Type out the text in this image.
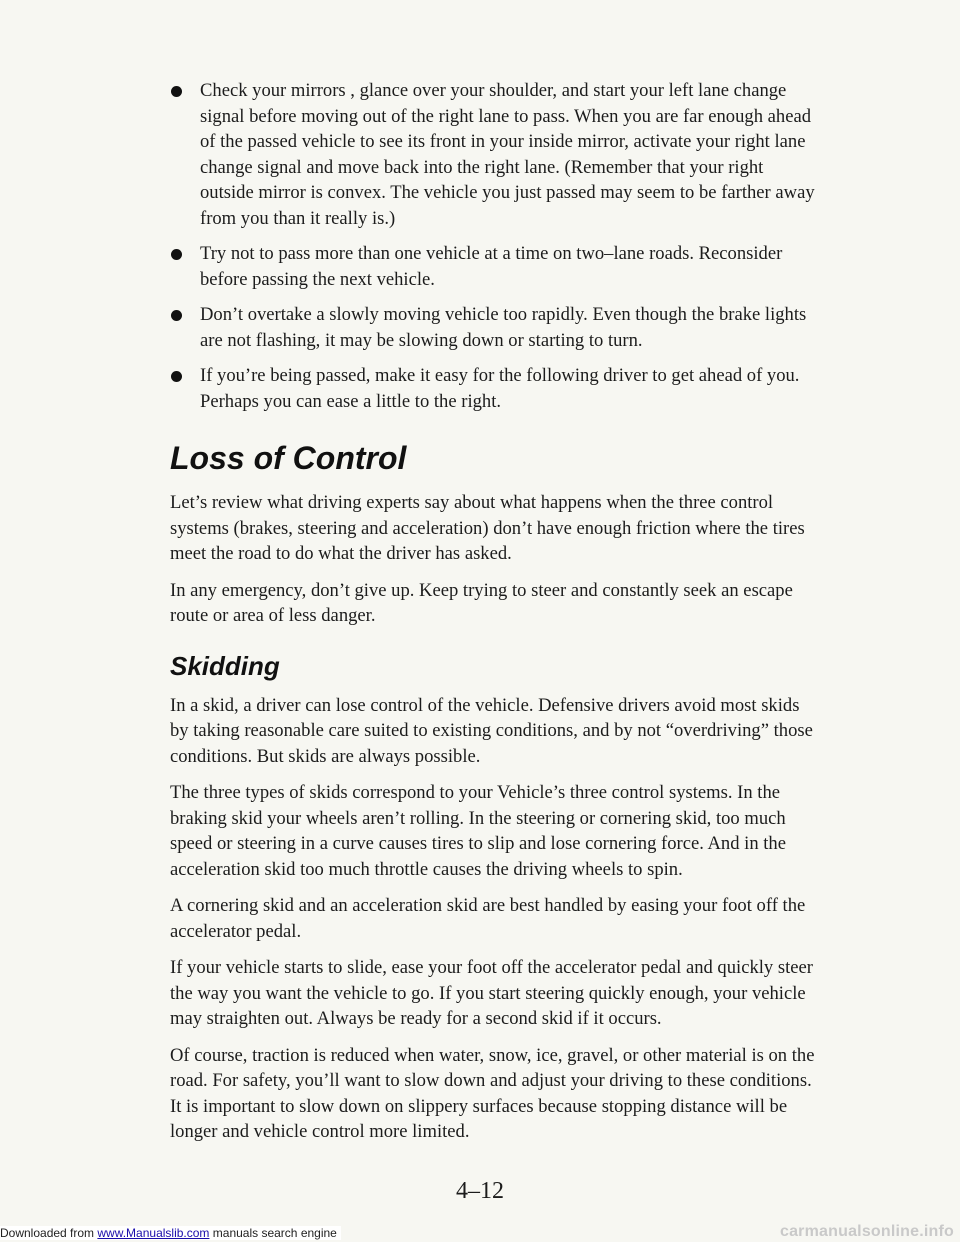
Check your mirrors , glance over your shoulder, and start your left lane change signal before moving out of the right lane to pass. When you are far enough ahead of the passed vehicle to see its front in your inside mirror, activate your right lane change signal and move back into the right lane. (Remember that your right outside mirror is convex. The vehicle you just passed may seem to be farther away from you than it really is.)
Try not to pass more than one vehicle at a time on two–lane roads. Reconsider before passing the next vehicle.
Don’t overtake a slowly moving vehicle too rapidly. Even though the brake lights are not flashing, it may be slowing down or starting to turn.
If you’re being passed, make it easy for the following driver to get ahead of you. Perhaps you can ease a little to the right.
Loss of Control

Let’s review what driving experts say about what happens when the three control systems (brakes, steering and acceleration) don’t have enough friction where the tires meet the road to do what the driver has asked.

In any emergency, don’t give up. Keep trying to steer and constantly seek an escape route or area of less danger.

Skidding

In a skid, a driver can lose control of the vehicle. Defensive drivers avoid most skids by taking reasonable care suited to existing conditions, and by not “overdriving” those conditions. But skids are always possible.

The three types of skids correspond to your Vehicle’s three control systems. In the braking skid your wheels aren’t rolling. In the steering or cornering skid, too much speed or steering in a curve causes tires to slip and lose cornering force. And in the acceleration skid too much throttle causes the driving wheels to spin.

A cornering skid and an acceleration skid are best handled by easing your foot off the accelerator pedal.

If your vehicle starts to slide, ease your foot off the accelerator pedal and quickly steer the way you want the vehicle to go. If you start steering quickly enough, your vehicle may straighten out. Always be ready for a second skid if it occurs.

Of course, traction is reduced when water, snow, ice, gravel, or other material is on the road. For safety, you’ll want to slow down and adjust your driving to these conditions. It is important to slow down on slippery surfaces because stopping distance will be longer and vehicle control more limited.

4–12
Downloaded from www.Manualslib.com manuals search engine	carmanualsonline.info
